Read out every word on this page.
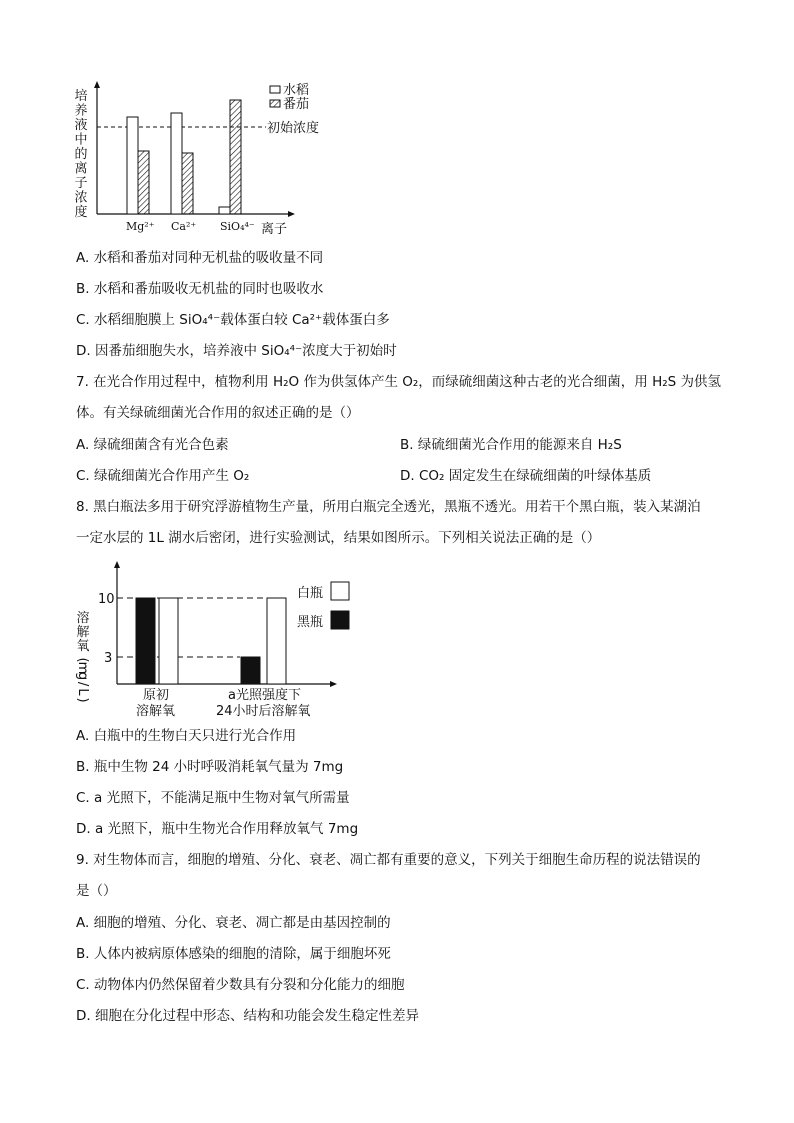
培
养
液
中
的
离
子
浓
度
初始浓度
水稻
番茄
Mg²⁺ Ca²⁺ SiO₄⁴⁻ 离子
A. 水稻和番茄对同种无机盐的吸收量不同
B. 水稻和番茄吸收无机盐的同时也吸收水
C. 水稻细胞膜上 SiO₄⁴⁻载体蛋白较 Ca²⁺载体蛋白多
D. 因番茄细胞失水，培养液中 SiO₄⁴⁻浓度大于初始时
7. 在光合作用过程中，植物利用 H₂O 作为供氢体产生 O₂，而绿硫细菌这种古老的光合细菌，用 H₂S 为供氢
体。有关绿硫细菌光合作用的叙述正确的是（）
A. 绿硫细菌含有光合色素	B. 绿硫细菌光合作用的能源来自 H₂S
C. 绿硫细菌光合作用产生 O₂	D. CO₂ 固定发生在绿硫细菌的叶绿体基质
8. 黑白瓶法多用于研究浮游植物生产量，所用白瓶完全透光，黑瓶不透光。用若干个黑白瓶，装入某湖泊
一定水层的 1L 湖水后密闭，进行实验测试，结果如图所示。下列相关说法正确的是（）
溶
解
氧
(
m
g
/
L
)
10
3
白瓶
黑瓶
原初
溶解氧
a光照强度下
24小时后溶解氧
A. 白瓶中的生物白天只进行光合作用
B. 瓶中生物 24 小时呼吸消耗氧气量为 7mg
C. a 光照下，不能满足瓶中生物对氧气所需量
D. a 光照下，瓶中生物光合作用释放氧气 7mg
9. 对生物体而言，细胞的增殖、分化、衰老、凋亡都有重要的意义，下列关于细胞生命历程的说法错误的
是（）
A. 细胞的增殖、分化、衰老、凋亡都是由基因控制的
B. 人体内被病原体感染的细胞的清除，属于细胞坏死
C. 动物体内仍然保留着少数具有分裂和分化能力的细胞
D. 细胞在分化过程中形态、结构和功能会发生稳定性差异
